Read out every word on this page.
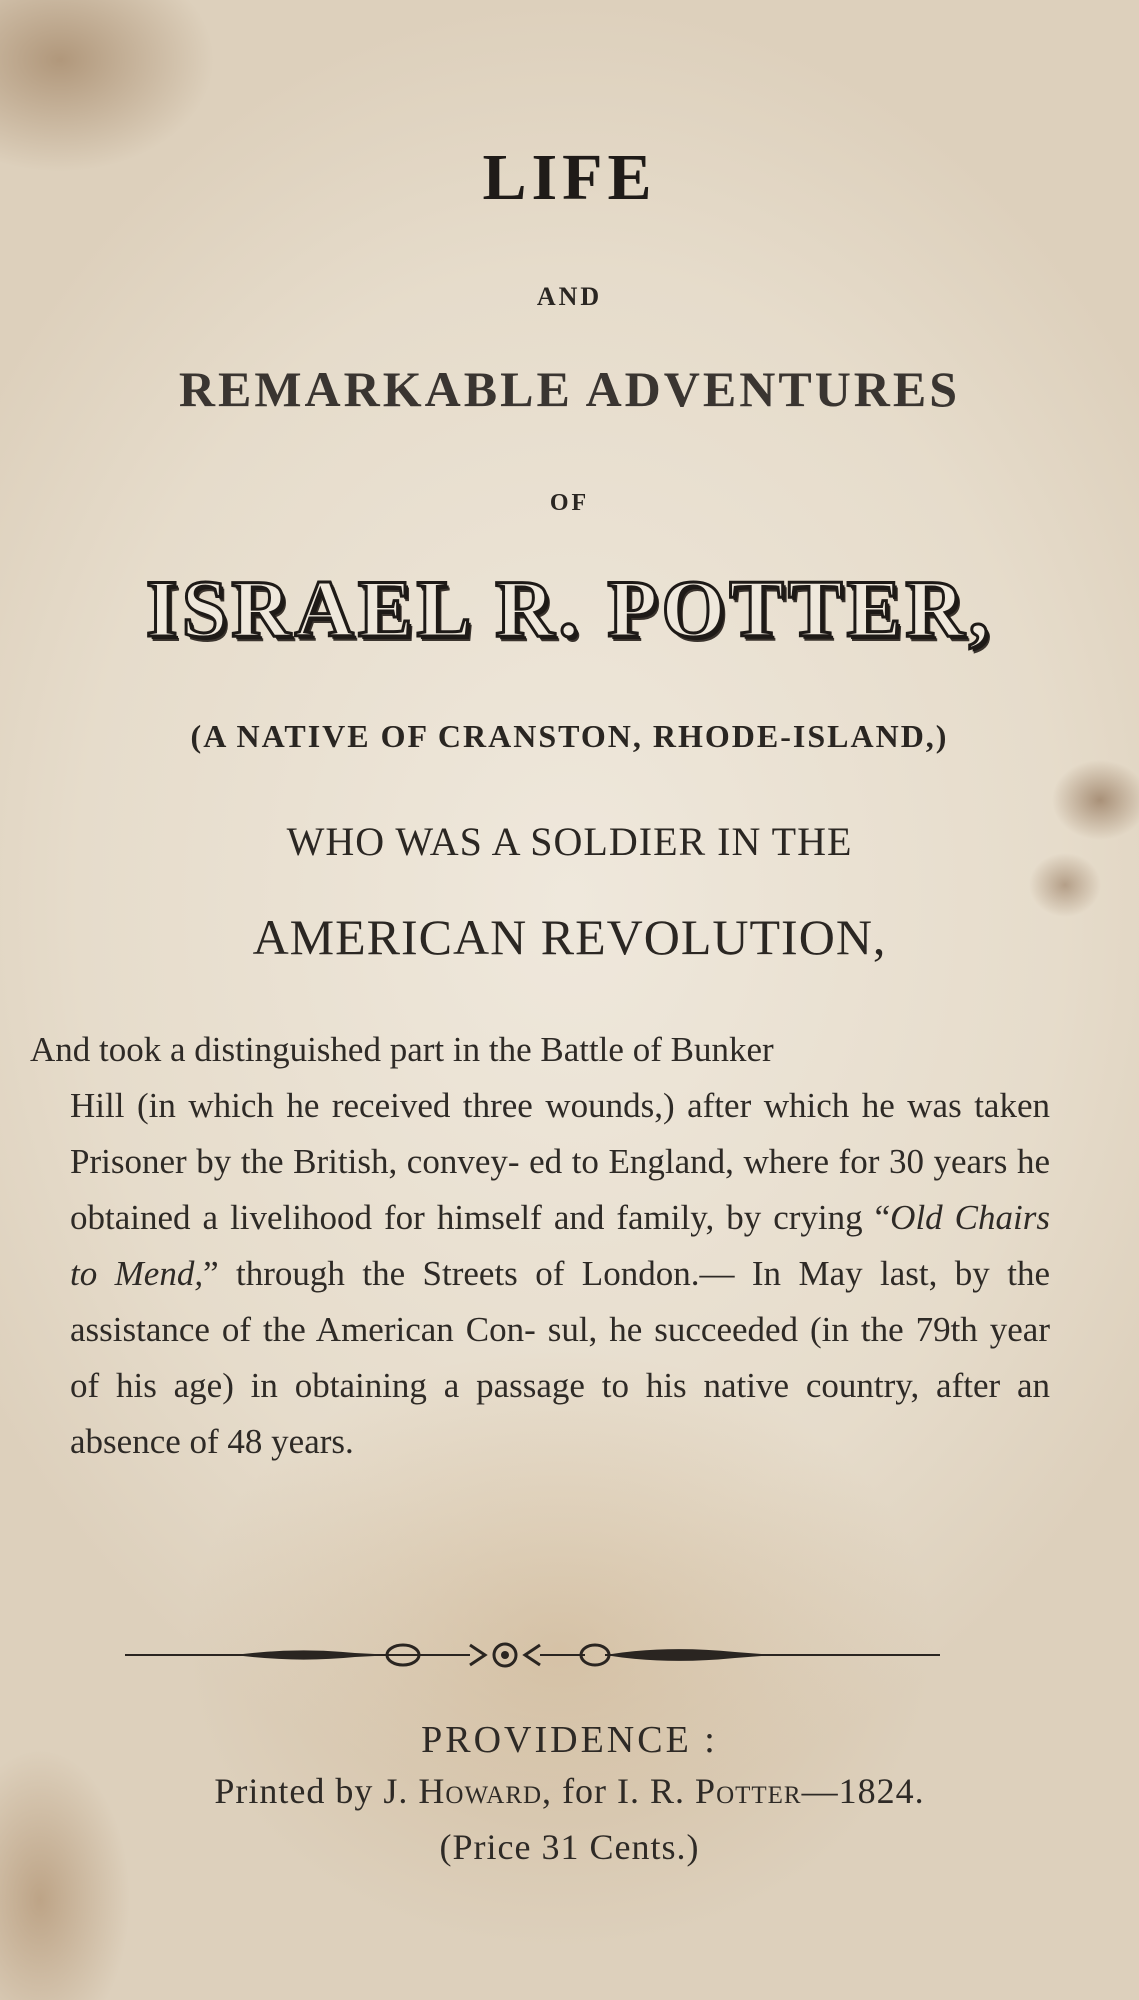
LIFE
AND
REMARKABLE ADVENTURES
OF
ISRAEL R. POTTER,
(A NATIVE OF CRANSTON, RHODE-ISLAND,)
WHO WAS A SOLDIER IN THE
AMERICAN REVOLUTION,
And took a distinguished part in the Battle of Bunker
Hill (in which he received three wounds,) after which he was taken Prisoner by the British, convey- ed to England, where for 30 years he obtained a livelihood for himself and family, by crying “Old Chairs to Mend,” through the Streets of London.— In May last, by the assistance of the American Con- sul, he succeeded (in the 79th year of his age) in obtaining a passage to his native country, after an absence of 48 years.
PROVIDENCE :
Printed by J. Howard, for I. R. Potter—1824.
(Price 31 Cents.)
